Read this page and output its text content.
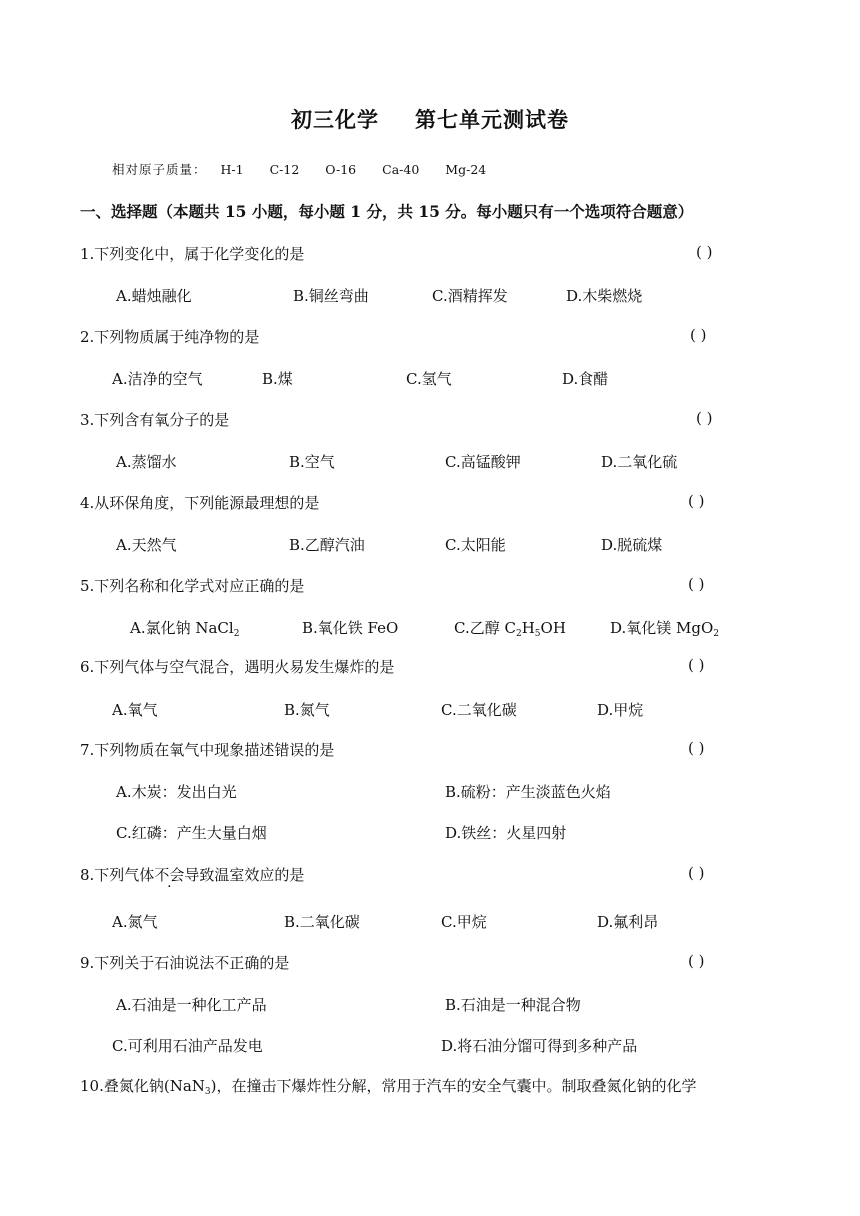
初三化学 第七单元测试卷
相对原子质量： H-1 C-12 O-16 Ca-40 Mg-24
一、选择题（本题共 15 小题，每小题 1 分，共 15 分。每小题只有一个选项符合题意）
1.下列变化中，属于化学变化的是	( )
A.蜡烛融化	B.铜丝弯曲	C.酒精挥发	D.木柴燃烧
2.下列物质属于纯净物的是	( )
A.洁净的空气	B.煤	C.氢气	D.食醋
3.下列含有氧分子的是	( )
A.蒸馏水	B.空气	C.高锰酸钾	D.二氧化硫
4.从环保角度，下列能源最理想的是	( )
A.天然气	B.乙醇汽油	C.太阳能	D.脱硫煤
5.下列名称和化学式对应正确的是	( )
A.氯化钠 NaCl$_2$	B.氧化铁 FeO	C.乙醇 $C_2H_5OH$	D.氧化镁 MgO$_2$
6.下列气体与空气混合，遇明火易发生爆炸的是	( )
A.氧气	B.氮气	C.二氧化碳	D.甲烷
7.下列物质在氧气中现象描述错误的是	( )
A.木炭：发出白光	B.硫粉：产生淡蓝色火焰
C.红磷：产生大量白烟	D.铁丝：火星四射
8.下列气体不会导致温室效应的是	( )
A.氮气	B.二氧化碳	C.甲烷	D.氟利昂
9.下列关于石油说法不正确的是	( )
A.石油是一种化工产品	B.石油是一种混合物
C.可利用石油产品发电	D.将石油分馏可得到多种产品
10.叠氮化钠(NaN$_3$)，在撞击下爆炸性分解，常用于汽车的安全气囊中。制取叠氮化钠的化学
